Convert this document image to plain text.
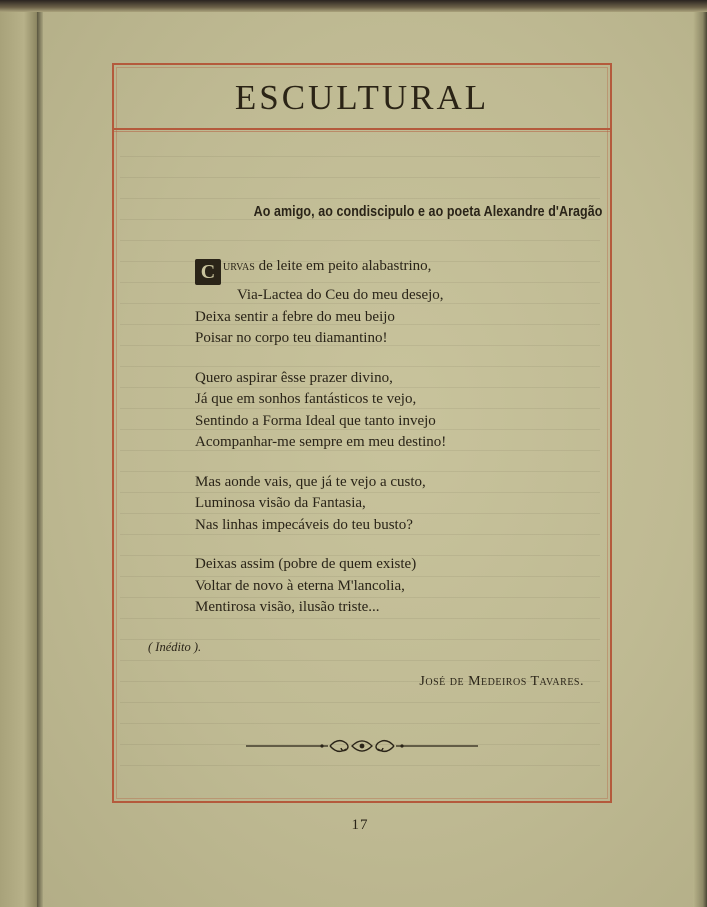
ESCULTURAL
Ao amigo, ao condiscipulo e ao poeta Alexandre d'Aragão
C urvas de leite em peito alabastrino,
Via-Lactea do Ceu do meu desejo,
Deixa sentir a febre do meu beijo
Poisar no corpo teu diamantino!
Quero aspirar êsse prazer divino,
Já que em sonhos fantásticos te vejo,
Sentindo a Forma Ideal que tanto invejo
Acompanhar-me sempre em meu destino!
Mas aonde vais, que já te vejo a custo,
Luminosa visão da Fantasia,
Nas linhas impecáveis do teu busto?
Deixas assim (pobre de quem existe)
Voltar de novo à eterna M'lancolia,
Mentirosa visão, ilusão triste...
( Inédito ).
José de Medeiros Tavares.
17
